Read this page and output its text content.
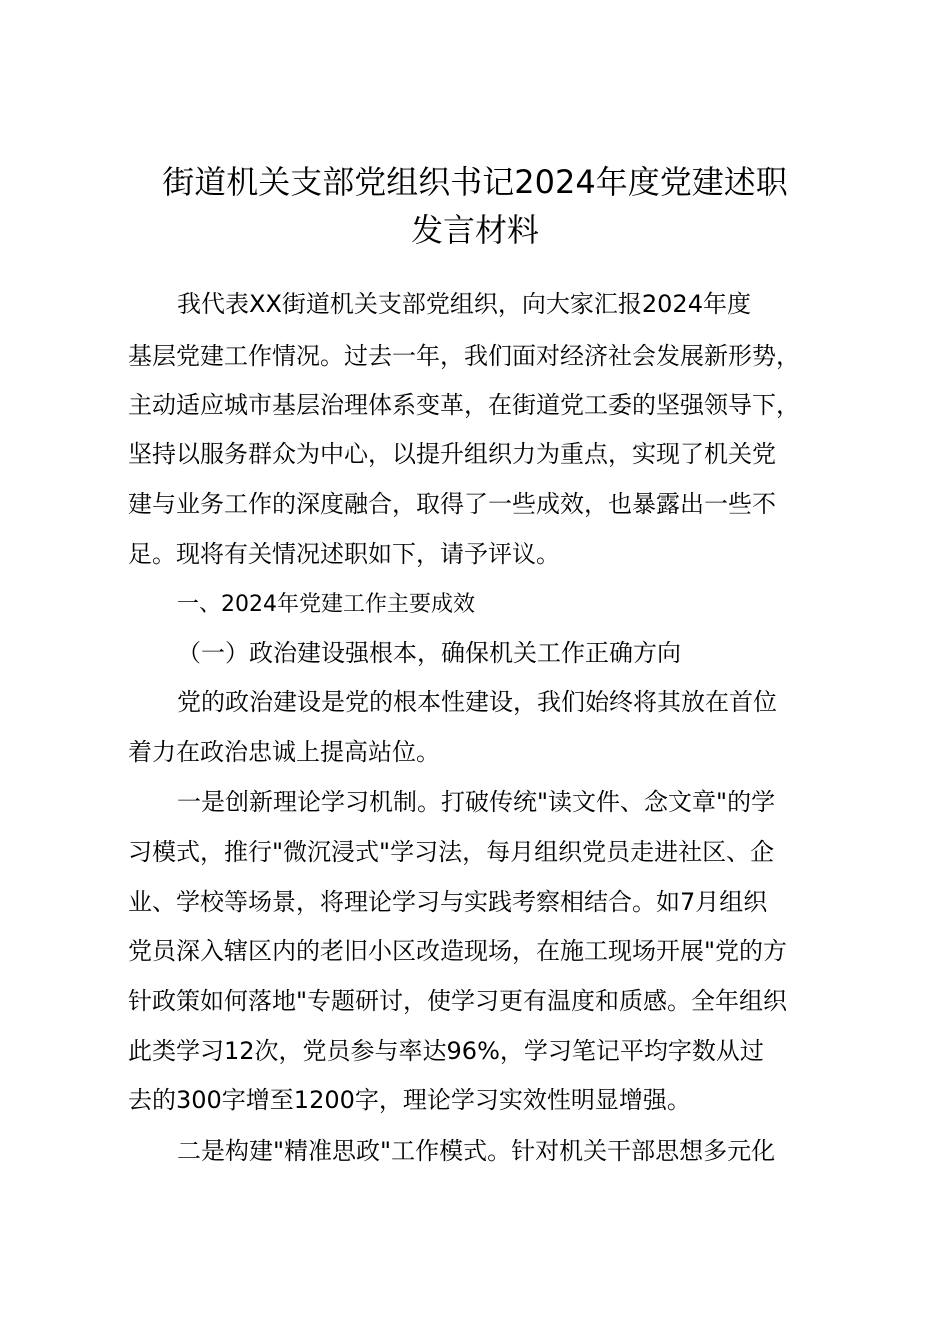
街道机关支部党组织书记2024年度党建述职
发言材料

我代表XX街道机关支部党组织，向大家汇报2024年度

基层党建工作情况。过去一年，我们面对经济社会发展新形势，

主动适应城市基层治理体系变革，在街道党工委的坚强领导下，

坚持以服务群众为中心，以提升组织力为重点，实现了机关党

建与业务工作的深度融合，取得了一些成效，也暴露出一些不

足。现将有关情况述职如下，请予评议。

一、2024年党建工作主要成效

（一）政治建设强根本，确保机关工作正确方向

党的政治建设是党的根本性建设，我们始终将其放在首位

着力在政治忠诚上提高站位。

一是创新理论学习机制。打破传统"读文件、念文章"的学

习模式，推行"微沉浸式"学习法，每月组织党员走进社区、企

业、学校等场景，将理论学习与实践考察相结合。如7月组织

党员深入辖区内的老旧小区改造现场，在施工现场开展"党的方

针政策如何落地"专题研讨，使学习更有温度和质感。全年组织

此类学习12次，党员参与率达96%，学习笔记平均字数从过

去的300字增至1200字，理论学习实效性明显增强。

二是构建"精准思政"工作模式。针对机关干部思想多元化
